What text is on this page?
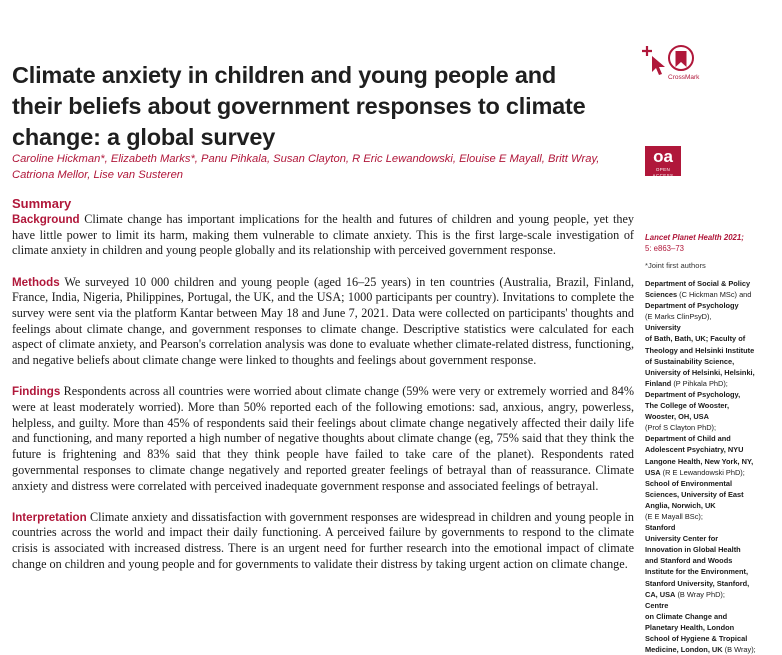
Climate anxiety in children and young people and their beliefs about government responses to climate change: a global survey
Caroline Hickman*, Elizabeth Marks*, Panu Pihkala, Susan Clayton, R Eric Lewandowski, Elouise E Mayall, Britt Wray, Catriona Mellor, Lise van Susteren
CrossMark
oa
OPEN ACCESS
Summary

Background Climate change has important implications for the health and futures of children and young people, yet they have little power to limit its harm, making them vulnerable to climate anxiety. This is the first large-scale investigation of climate anxiety in children and young people globally and its relationship with perceived government response.

Methods We surveyed 10 000 children and young people (aged 16–25 years) in ten countries (Australia, Brazil, Finland, France, India, Nigeria, Philippines, Portugal, the UK, and the USA; 1000 participants per country). Invitations to complete the survey were sent via the platform Kantar between May 18 and June 7, 2021. Data were collected on participants' thoughts and feelings about climate change, and government responses to climate change. Descriptive statistics were calculated for each aspect of climate anxiety, and Pearson's correlation analysis was done to evaluate whether climate-related distress, functioning, and negative beliefs about climate change were linked to thoughts and feelings about government response.

Findings Respondents across all countries were worried about climate change (59% were very or extremely worried and 84% were at least moderately worried). More than 50% reported each of the following emotions: sad, anxious, angry, powerless, helpless, and guilty. More than 45% of respondents said their feelings about climate change negatively affected their daily life and functioning, and many reported a high number of negative thoughts about climate change (eg, 75% said that they think the future is frightening and 83% said that they think people have failed to take care of the planet). Respondents rated governmental responses to climate change negatively and reported greater feelings of betrayal than of reassurance. Climate anxiety and distress were correlated with perceived inadequate government response and associated feelings of betrayal.

Interpretation Climate anxiety and dissatisfaction with government responses are widespread in children and young people in countries across the world and impact their daily functioning. A perceived failure by governments to respond to the climate crisis is associated with increased distress. There is an urgent need for further research into the emotional impact of climate change on children and young people and for governments to validate their distress by taking urgent action on climate change.

Lancet Planet Health 2021;
5: e863–73
*Joint first authors
Department of Social & Policy
Sciences (C Hickman MSc) and
Department of Psychology
(E Marks ClinPsyD),
University
of Bath, Bath, UK; Faculty of
Theology and Helsinki Institute
of Sustainability Science,
University of Helsinki, Helsinki,
Finland (P Pihkala PhD);
Department of Psychology,
The College of Wooster,
Wooster, OH, USA
(Prof S Clayton PhD);
Department of Child and
Adolescent Psychiatry, NYU
Langone Health, New York, NY,
USA (R E Lewandowski PhD);
School of Environmental
Sciences, University of East
Anglia, Norwich, UK
(E E Mayall BSc);
Stanford
University Center for
Innovation in Global Health
and Stanford and Woods
Institute for the Environment,
Stanford University, Stanford,
CA, USA (B Wray PhD);
Centre
on Climate Change and
Planetary Health, London
School of Hygiene & Tropical
Medicine, London, UK (B Wray);
